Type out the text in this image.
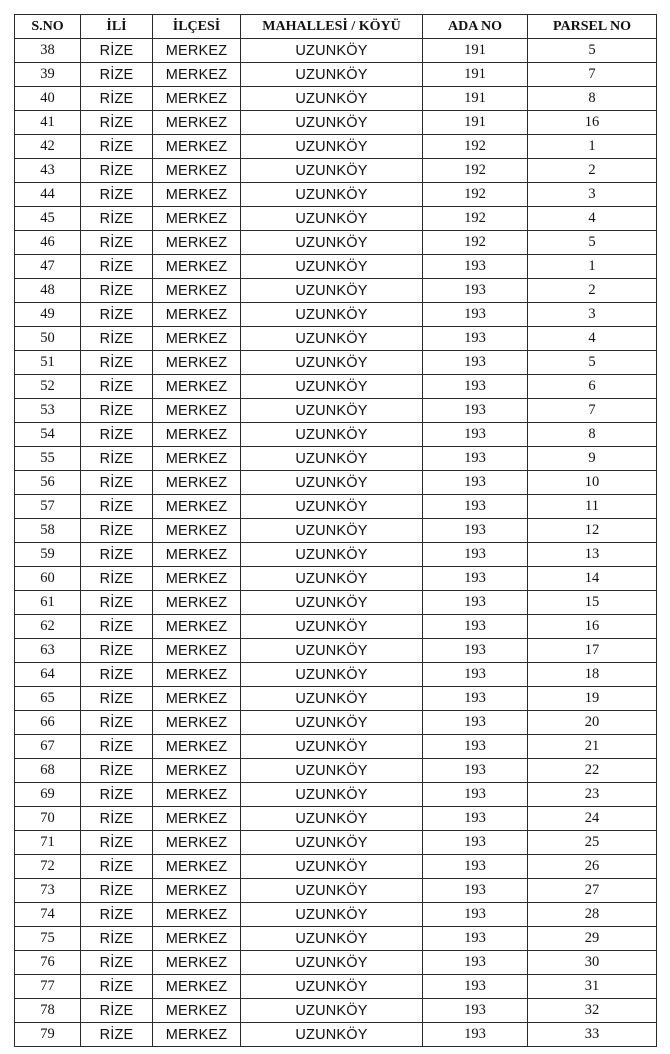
S.NO	İLİ	İLÇESİ	MAHALLESİ / KÖYÜ	ADA NO	PARSEL NO
38	RİZE	MERKEZ	UZUNKÖY	191	5
39	RİZE	MERKEZ	UZUNKÖY	191	7
40	RİZE	MERKEZ	UZUNKÖY	191	8
41	RİZE	MERKEZ	UZUNKÖY	191	16
42	RİZE	MERKEZ	UZUNKÖY	192	1
43	RİZE	MERKEZ	UZUNKÖY	192	2
44	RİZE	MERKEZ	UZUNKÖY	192	3
45	RİZE	MERKEZ	UZUNKÖY	192	4
46	RİZE	MERKEZ	UZUNKÖY	192	5
47	RİZE	MERKEZ	UZUNKÖY	193	1
48	RİZE	MERKEZ	UZUNKÖY	193	2
49	RİZE	MERKEZ	UZUNKÖY	193	3
50	RİZE	MERKEZ	UZUNKÖY	193	4
51	RİZE	MERKEZ	UZUNKÖY	193	5
52	RİZE	MERKEZ	UZUNKÖY	193	6
53	RİZE	MERKEZ	UZUNKÖY	193	7
54	RİZE	MERKEZ	UZUNKÖY	193	8
55	RİZE	MERKEZ	UZUNKÖY	193	9
56	RİZE	MERKEZ	UZUNKÖY	193	10
57	RİZE	MERKEZ	UZUNKÖY	193	11
58	RİZE	MERKEZ	UZUNKÖY	193	12
59	RİZE	MERKEZ	UZUNKÖY	193	13
60	RİZE	MERKEZ	UZUNKÖY	193	14
61	RİZE	MERKEZ	UZUNKÖY	193	15
62	RİZE	MERKEZ	UZUNKÖY	193	16
63	RİZE	MERKEZ	UZUNKÖY	193	17
64	RİZE	MERKEZ	UZUNKÖY	193	18
65	RİZE	MERKEZ	UZUNKÖY	193	19
66	RİZE	MERKEZ	UZUNKÖY	193	20
67	RİZE	MERKEZ	UZUNKÖY	193	21
68	RİZE	MERKEZ	UZUNKÖY	193	22
69	RİZE	MERKEZ	UZUNKÖY	193	23
70	RİZE	MERKEZ	UZUNKÖY	193	24
71	RİZE	MERKEZ	UZUNKÖY	193	25
72	RİZE	MERKEZ	UZUNKÖY	193	26
73	RİZE	MERKEZ	UZUNKÖY	193	27
74	RİZE	MERKEZ	UZUNKÖY	193	28
75	RİZE	MERKEZ	UZUNKÖY	193	29
76	RİZE	MERKEZ	UZUNKÖY	193	30
77	RİZE	MERKEZ	UZUNKÖY	193	31
78	RİZE	MERKEZ	UZUNKÖY	193	32
79	RİZE	MERKEZ	UZUNKÖY	193	33
